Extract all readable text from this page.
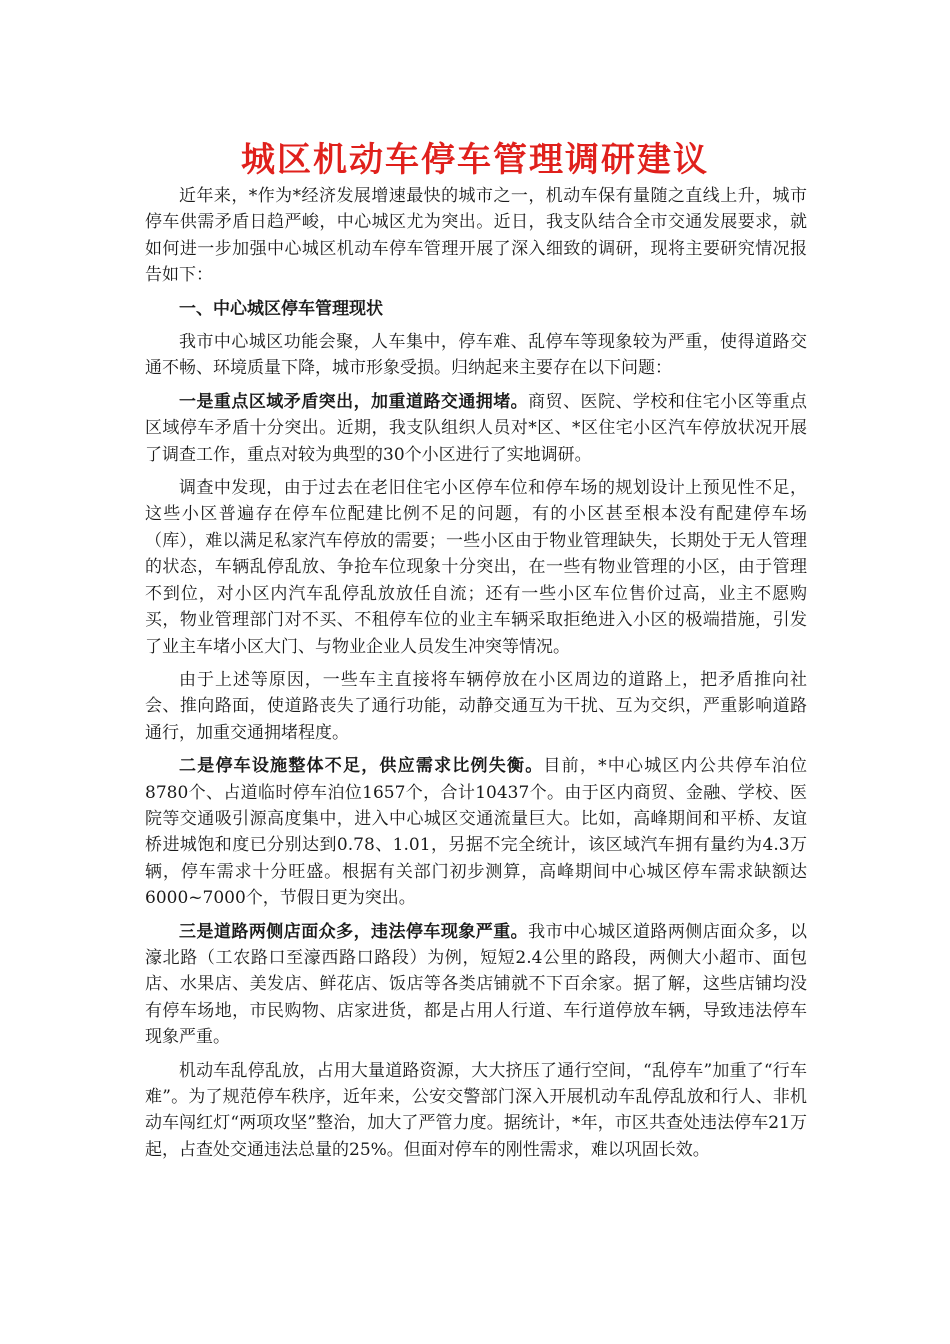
城区机动车停车管理调研建议

近年来，*作为*经济发展增速最快的城市之一，机动车保有量随之直线上升，城市停车供需矛盾日趋严峻，中心城区尤为突出。近日，我支队结合全市交通发展要求，就如何进一步加强中心城区机动车停车管理开展了深入细致的调研，现将主要研究情况报告如下：

一、中心城区停车管理现状

我市中心城区功能会聚，人车集中，停车难、乱停车等现象较为严重，使得道路交通不畅、环境质量下降，城市形象受损。归纳起来主要存在以下问题：

一是重点区域矛盾突出，加重道路交通拥堵。商贸、医院、学校和住宅小区等重点区域停车矛盾十分突出。近期，我支队组织人员对*区、*区住宅小区汽车停放状况开展了调查工作，重点对较为典型的30个小区进行了实地调研。

调查中发现，由于过去在老旧住宅小区停车位和停车场的规划设计上预见性不足，这些小区普遍存在停车位配建比例不足的问题，有的小区甚至根本没有配建停车场（库），难以满足私家汽车停放的需要；一些小区由于物业管理缺失，长期处于无人管理的状态，车辆乱停乱放、争抢车位现象十分突出，在一些有物业管理的小区，由于管理不到位，对小区内汽车乱停乱放放任自流；还有一些小区车位售价过高，业主不愿购买，物业管理部门对不买、不租停车位的业主车辆采取拒绝进入小区的极端措施，引发了业主车堵小区大门、与物业企业人员发生冲突等情况。

由于上述等原因，一些车主直接将车辆停放在小区周边的道路上，把矛盾推向社会、推向路面，使道路丧失了通行功能，动静交通互为干扰、互为交织，严重影响道路通行，加重交通拥堵程度。

二是停车设施整体不足，供应需求比例失衡。目前，*中心城区内公共停车泊位8780个、占道临时停车泊位1657个，合计10437个。由于区内商贸、金融、学校、医院等交通吸引源高度集中，进入中心城区交通流量巨大。比如，高峰期间和平桥、友谊桥进城饱和度已分别达到0.78、1.01，另据不完全统计，该区域汽车拥有量约为4.3万辆，停车需求十分旺盛。根据有关部门初步测算，高峰期间中心城区停车需求缺额达6000~7000个，节假日更为突出。

三是道路两侧店面众多，违法停车现象严重。我市中心城区道路两侧店面众多，以濠北路（工农路口至濠西路口路段）为例，短短2.4公里的路段，两侧大小超市、面包店、水果店、美发店、鲜花店、饭店等各类店铺就不下百余家。据了解，这些店铺均没有停车场地，市民购物、店家进货，都是占用人行道、车行道停放车辆，导致违法停车现象严重。

机动车乱停乱放，占用大量道路资源，大大挤压了通行空间，“乱停车”加重了“行车难”。为了规范停车秩序，近年来，公安交警部门深入开展机动车乱停乱放和行人、非机动车闯红灯“两项攻坚”整治，加大了严管力度。据统计，*年，市区共查处违法停车21万起，占查处交通违法总量的25%。但面对停车的刚性需求，难以巩固长效。
